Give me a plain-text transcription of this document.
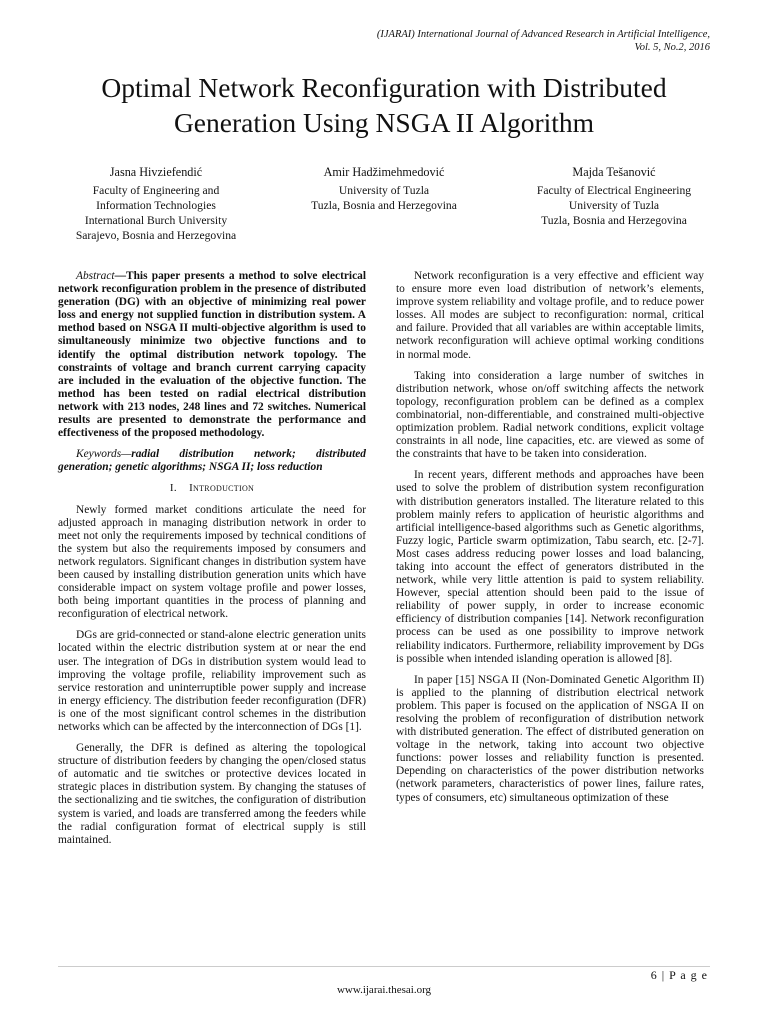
(IJARAI) International Journal of Advanced Research in Artificial Intelligence,
Vol. 5, No.2, 2016
Optimal Network Reconfiguration with Distributed
Generation Using NSGA II Algorithm
Jasna Hivziefendić
Faculty of Engineering and
Information Technologies
International Burch University
Sarajevo, Bosnia and Herzegovina
Amir Hadžimehmedović
University of Tuzla
Tuzla, Bosnia and Herzegovina
Majda Tešanović
Faculty of Electrical Engineering
University of Tuzla
Tuzla, Bosnia and Herzegovina

Abstract—This paper presents a method to solve electrical network reconfiguration problem in the presence of distributed generation (DG) with an objective of minimizing real power loss and energy not supplied function in distribution system. A method based on NSGA II multi-objective algorithm is used to simultaneously minimize two objective functions and to identify the optimal distribution network topology. The constraints of voltage and branch current carrying capacity are included in the evaluation of the objective function. The method has been tested on radial electrical distribution network with 213 nodes, 248 lines and 72 switches. Numerical results are presented to demonstrate the performance and effectiveness of the proposed methodology.

Keywords—radial distribution network; distributed generation; genetic algorithms; NSGA II; loss reduction

I. Introduction

Newly formed market conditions articulate the need for adjusted approach in managing distribution network in order to meet not only the requirements imposed by technical conditions of the system but also the requirements imposed by consumers and network regulators. Significant changes in distribution system have been caused by installing distribution generation units which have considerable impact on system voltage profile and power losses, both being important quantities in the process of planning and reconfiguration of electrical network.

DGs are grid-connected or stand-alone electric generation units located within the electric distribution system at or near the end user. The integration of DGs in distribution system would lead to improving the voltage profile, reliability improvement such as service restoration and uninterruptible power supply and increase in energy efficiency. The distribution feeder reconfiguration (DFR) is one of the most significant control schemes in the distribution networks which can be affected by the interconnection of DGs [1].

Generally, the DFR is defined as altering the topological structure of distribution feeders by changing the open/closed status of automatic and tie switches or protective devices located in strategic places in distribution system. By changing the statuses of the sectionalizing and tie switches, the configuration of distribution system is varied, and loads are transferred among the feeders while the radial configuration format of electrical supply is still maintained.

Network reconfiguration is a very effective and efficient way to ensure more even load distribution of network’s elements, improve system reliability and voltage profile, and to reduce power losses. All modes are subject to reconfiguration: normal, critical and failure. Provided that all variables are within acceptable limits, network reconfiguration will achieve optimal working conditions in normal mode.

Taking into consideration a large number of switches in distribution network, whose on/off switching affects the network topology, reconfiguration problem can be defined as a complex combinatorial, non-differentiable, and constrained multi-objective optimization problem. Radial network conditions, explicit voltage constraints in all node, line capacities, etc. are viewed as some of the constraints that have to be taken into consideration.

In recent years, different methods and approaches have been used to solve the problem of distribution system reconfiguration with distribution generators installed. The literature related to this problem mainly refers to application of heuristic algorithms and artificial intelligence-based algorithms such as Genetic algorithms, Fuzzy logic, Particle swarm optimization, Tabu search, etc. [2-7]. Most cases address reducing power losses and load balancing, taking into account the effect of generators distributed in the network, while very little attention is paid to system reliability. However, special attention should been paid to the issue of reliability of power supply, in order to increase economic efficiency of distribution companies [14]. Network reconfiguration process can be used as one possibility to improve network reliability indicators. Furthermore, reliability improvement by DGs is possible when intended islanding operation is allowed [8].

In paper [15] NSGA II (Non-Dominated Genetic Algorithm II) is applied to the planning of distribution electrical network problem. This paper is focused on the application of NSGA II on resolving the problem of reconfiguration of distribution network with distributed generation. The effect of distributed generation on voltage in the network, taking into account two objective functions: power losses and reliability function is presented. Depending on characteristics of the power distribution networks (network parameters, characteristics of power lines, failure rates, types of consumers, etc) simultaneous optimization of these

6 | P a g e
www.ijarai.thesai.org
